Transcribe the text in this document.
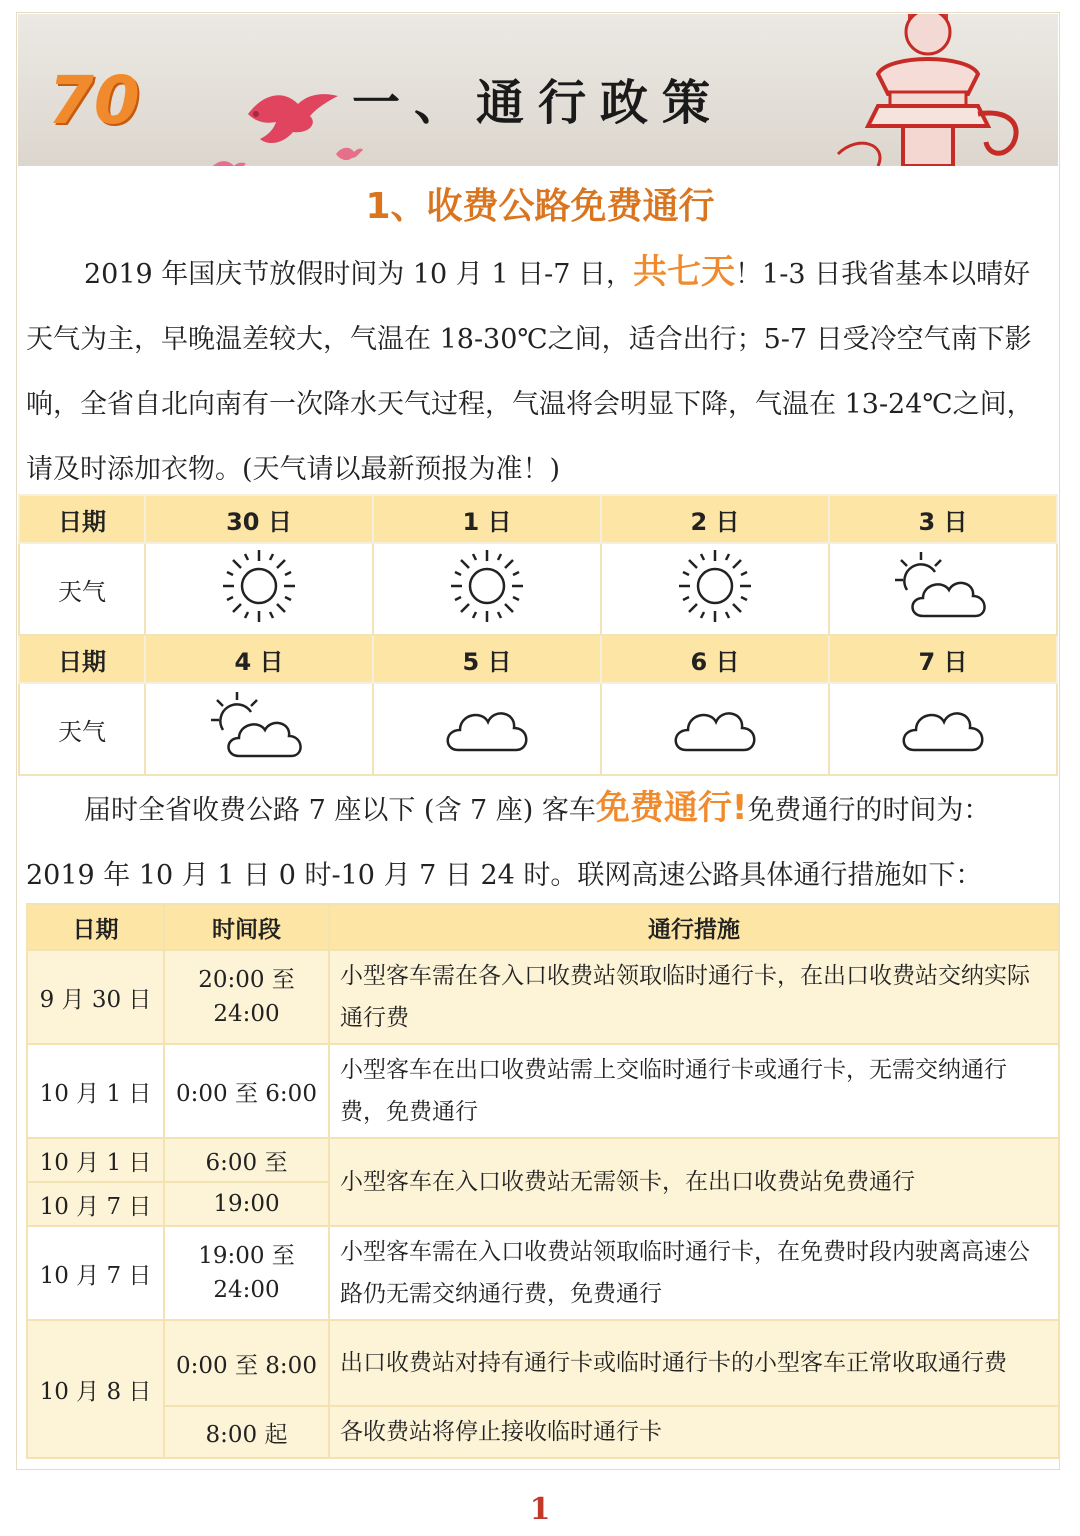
70	一、通行政策
1、收费公路免费通行
2019 年国庆节放假时间为 10 月 1 日-7 日，共七天！1-3 日我省基本以晴好天气为主，早晚温差较大，气温在 18-30℃之间，适合出行；5-7 日受冷空气南下影响，全省自北向南有一次降水天气过程，气温将会明显下降，气温在 13-24℃之间，请及时添加衣物。(天气请以最新预报为准！)
日期	30 日	1 日	2 日	3 日
天气				
日期	4 日	5 日	6 日	7 日
天气				
届时全省收费公路 7 座以下 (含 7 座) 客车免费通行!免费通行的时间为：2019 年 10 月 1 日 0 时-10 月 7 日 24 时。联网高速公路具体通行措施如下：
日期	时间段	通行措施
9 月 30 日	20:00 至 24:00	小型客车需在各入口收费站领取临时通行卡，在出口收费站交纳实际通行费
10 月 1 日	0:00 至 6:00	小型客车在出口收费站需上交临时通行卡或通行卡，无需交纳通行费，免费通行
10 月 1 日	6:00 至	小型客车在入口收费站无需领卡，在出口收费站免费通行
10 月 7 日	19:00	
10 月 7 日	19:00 至 24:00	小型客车需在入口收费站领取临时通行卡，在免费时段内驶离高速公路仍无需交纳通行费，免费通行
10 月 8 日	0:00 至 8:00	出口收费站对持有通行卡或临时通行卡的小型客车正常收取通行费
	8:00 起	各收费站将停止接收临时通行卡
1
